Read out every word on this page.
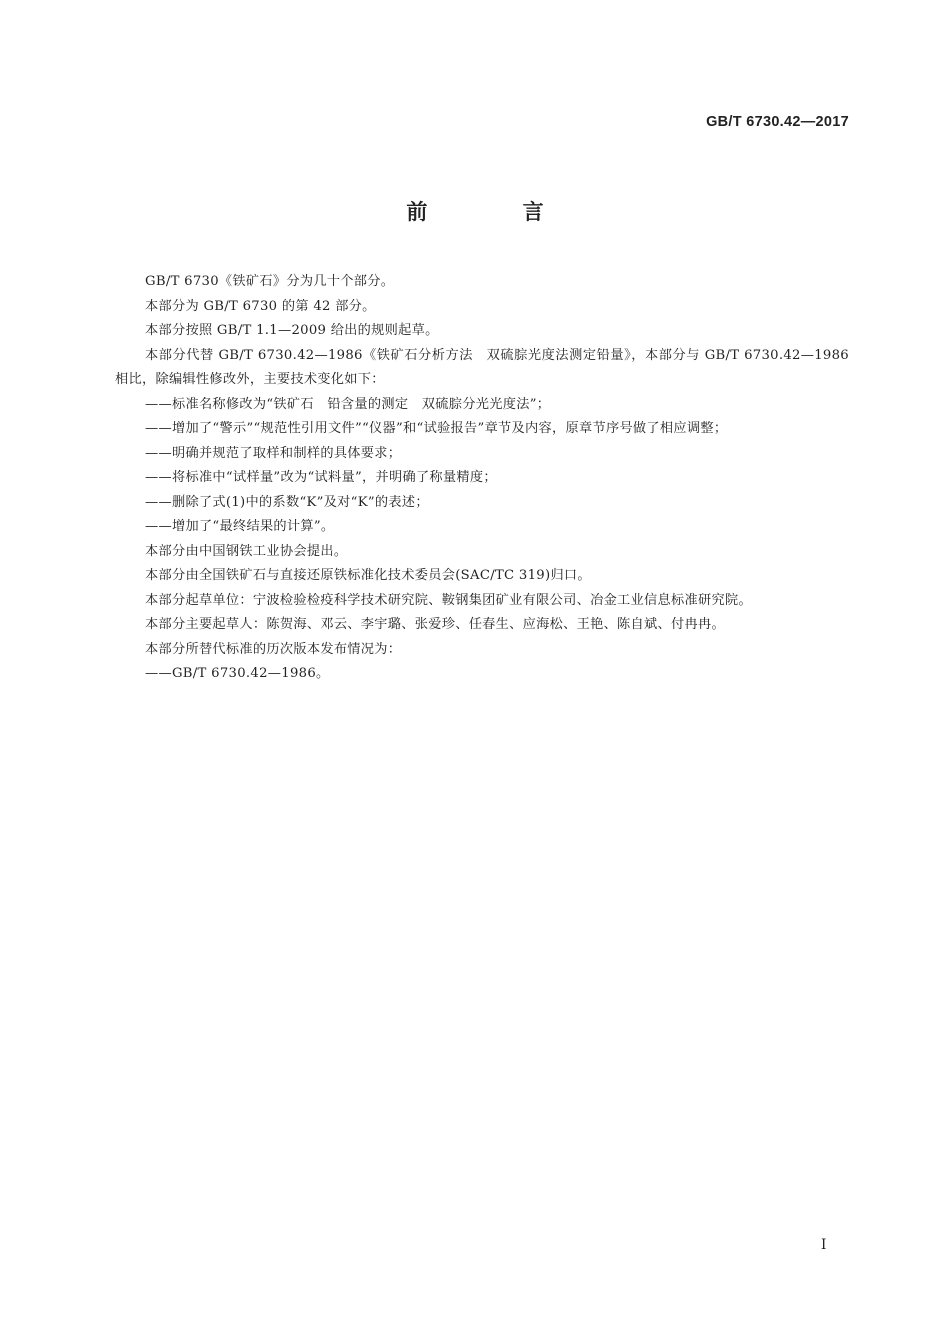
GB/T 6730.42—2017
前 言

GB/T 6730《铁矿石》分为几十个部分。

本部分为 GB/T 6730 的第 42 部分。

本部分按照 GB/T 1.1—2009 给出的规则起草。

本部分代替 GB/T 6730.42—1986《铁矿石分析方法　双硫腙光度法测定铅量》，本部分与 GB/T 6730.42—1986 相比，除编辑性修改外，主要技术变化如下：

——标准名称修改为“铁矿石　铅含量的测定　双硫腙分光光度法”；

——增加了“警示”“规范性引用文件”“仪器”和“试验报告”章节及内容，原章节序号做了相应调整；

——明确并规范了取样和制样的具体要求；

——将标准中“试样量”改为“试料量”，并明确了称量精度；

——删除了式(1)中的系数“K”及对“K”的表述；

——增加了“最终结果的计算”。

本部分由中国钢铁工业协会提出。

本部分由全国铁矿石与直接还原铁标准化技术委员会(SAC/TC 319)归口。

本部分起草单位：宁波检验检疫科学技术研究院、鞍钢集团矿业有限公司、冶金工业信息标准研究院。

本部分主要起草人：陈贺海、邓云、李宇璐、张爱珍、任春生、应海松、王艳、陈自斌、付冉冉。

本部分所替代标准的历次版本发布情况为：

——GB/T 6730.42—1986。

I
